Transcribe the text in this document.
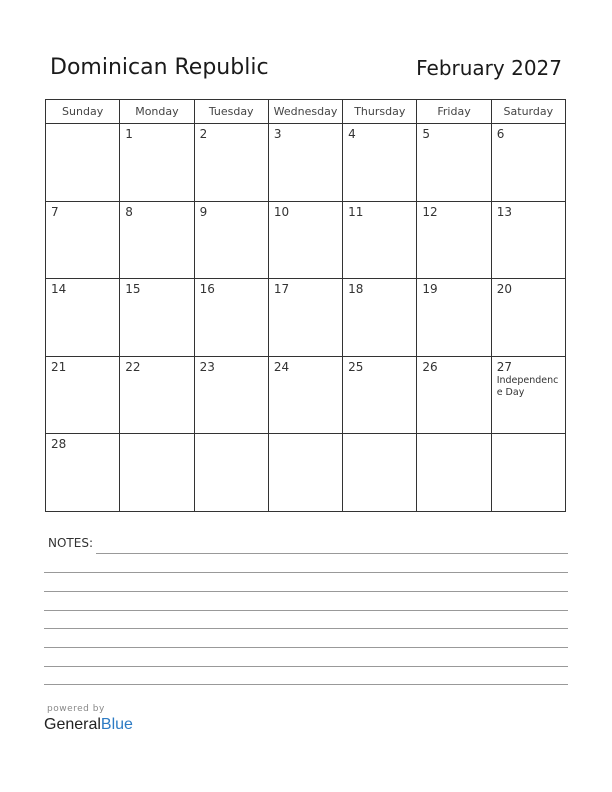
Dominican Republic	February 2027
Sunday	Monday	Tuesday	Wednesday	Thursday	Friday	Saturday

	1	2	3	4	5	6

7	8	9	10	11	12	13

14	15	16	17	18	19	20

21	22	23	24	25	26	27
Independence Day

28						

NOTES:
powered by
GeneralBlue
